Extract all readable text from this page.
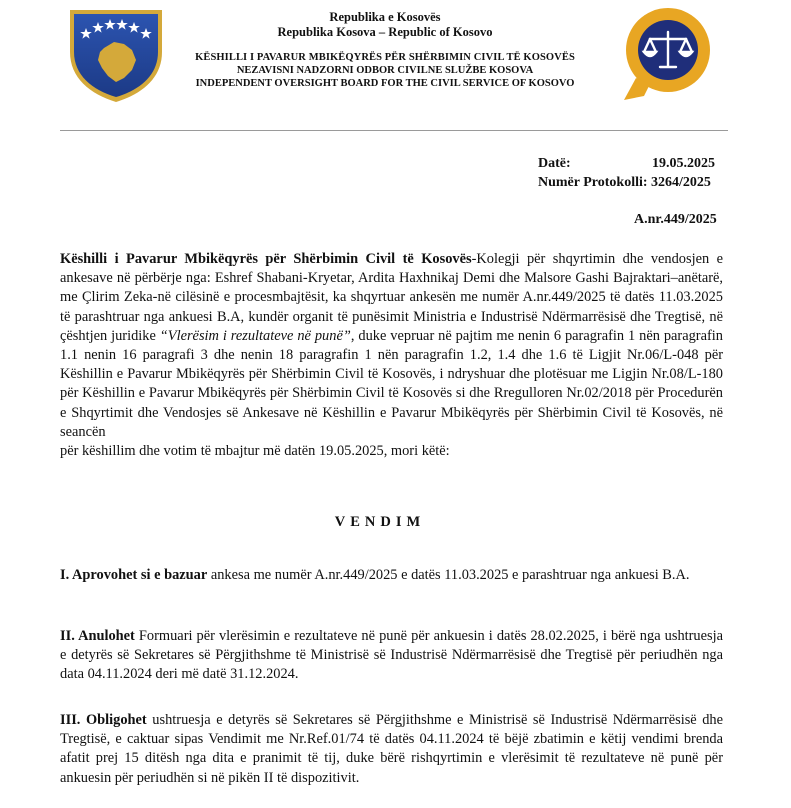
Republika e Kosovës
Republika Kosova – Republic of Kosovo
KËSHILLI I PAVARUR MBIKËQYRËS PËR SHËRBIMIN CIVIL TË KOSOVËS
NEZAVISNI NADZORNI ODBOR CIVILNE SLUŽBE KOSOVA
INDEPENDENT OVERSIGHT BOARD FOR THE CIVIL SERVICE OF KOSOVO
Datë:	19.05.2025
Numër Protokolli: 3264/2025
A.nr.449/2025
Këshilli i Pavarur Mbikëqyrës për Shërbimin Civil të Kosovës-Kolegji për shqyrtimin dhe vendosjen e ankesave në përbërje nga: Eshref Shabani-Kryetar, Ardita Haxhnikaj Demi dhe Malsore Gashi Bajraktari–anëtarë, me Çlirim Zeka-në cilësinë e procesmbajtësit, ka shqyrtuar ankesën me numër A.nr.449/2025 të datës 11.03.2025 të parashtruar nga ankuesi B.A, kundër organit të punësimit Ministria e Industrisë Ndërmarrësisë dhe Tregtisë, në çështjen juridike “Vlerësim i rezultateve në punë”, duke vepruar në pajtim me nenin 6 paragrafin 1 nën paragrafin 1.1 nenin 16 paragrafi 3 dhe nenin 18 paragrafin 1 nën paragrafin 1.2, 1.4 dhe 1.6 të Ligjit Nr.06/L-048 për Këshillin e Pavarur Mbikëqyrës për Shërbimin Civil të Kosovës, i ndryshuar dhe plotësuar me Ligjin Nr.08/L-180 për Këshillin e Pavarur Mbikëqyrës për Shërbimin Civil të Kosovës si dhe Rregulloren Nr.02/2018 për Procedurën e Shqyrtimit dhe Vendosjes së Ankesave në Këshillin e Pavarur Mbikëqyrës për Shërbimin Civil të Kosovës, në seancën
për këshillim dhe votim të mbajtur më datën 19.05.2025, mori këtë:
VENDIM
I. Aprovohet si e bazuar ankesa me numër A.nr.449/2025 e datës 11.03.2025 e parashtruar nga ankuesi B.A.
II. Anulohet Formuari për vlerësimin e rezultateve në punë për ankuesin i datës 28.02.2025, i bërë nga ushtruesja e detyrës së Sekretares së Përgjithshme të Ministrisë së Industrisë Ndërmarrësisë dhe Tregtisë për periudhën nga data 04.11.2024 deri më datë 31.12.2024.
III. Obligohet ushtruesja e detyrës së Sekretares së Përgjithshme e Ministrisë së Industrisë Ndërmarrësisë dhe Tregtisë, e caktuar sipas Vendimit me Nr.Ref.01/74 të datës 04.11.2024 të bëjë zbatimin e këtij vendimi brenda afatit prej 15 ditësh nga dita e pranimit të tij, duke bërë rishqyrtimin e vlerësimit të rezultateve në punë për ankuesin për periudhën si në pikën II të dispozitivit.
